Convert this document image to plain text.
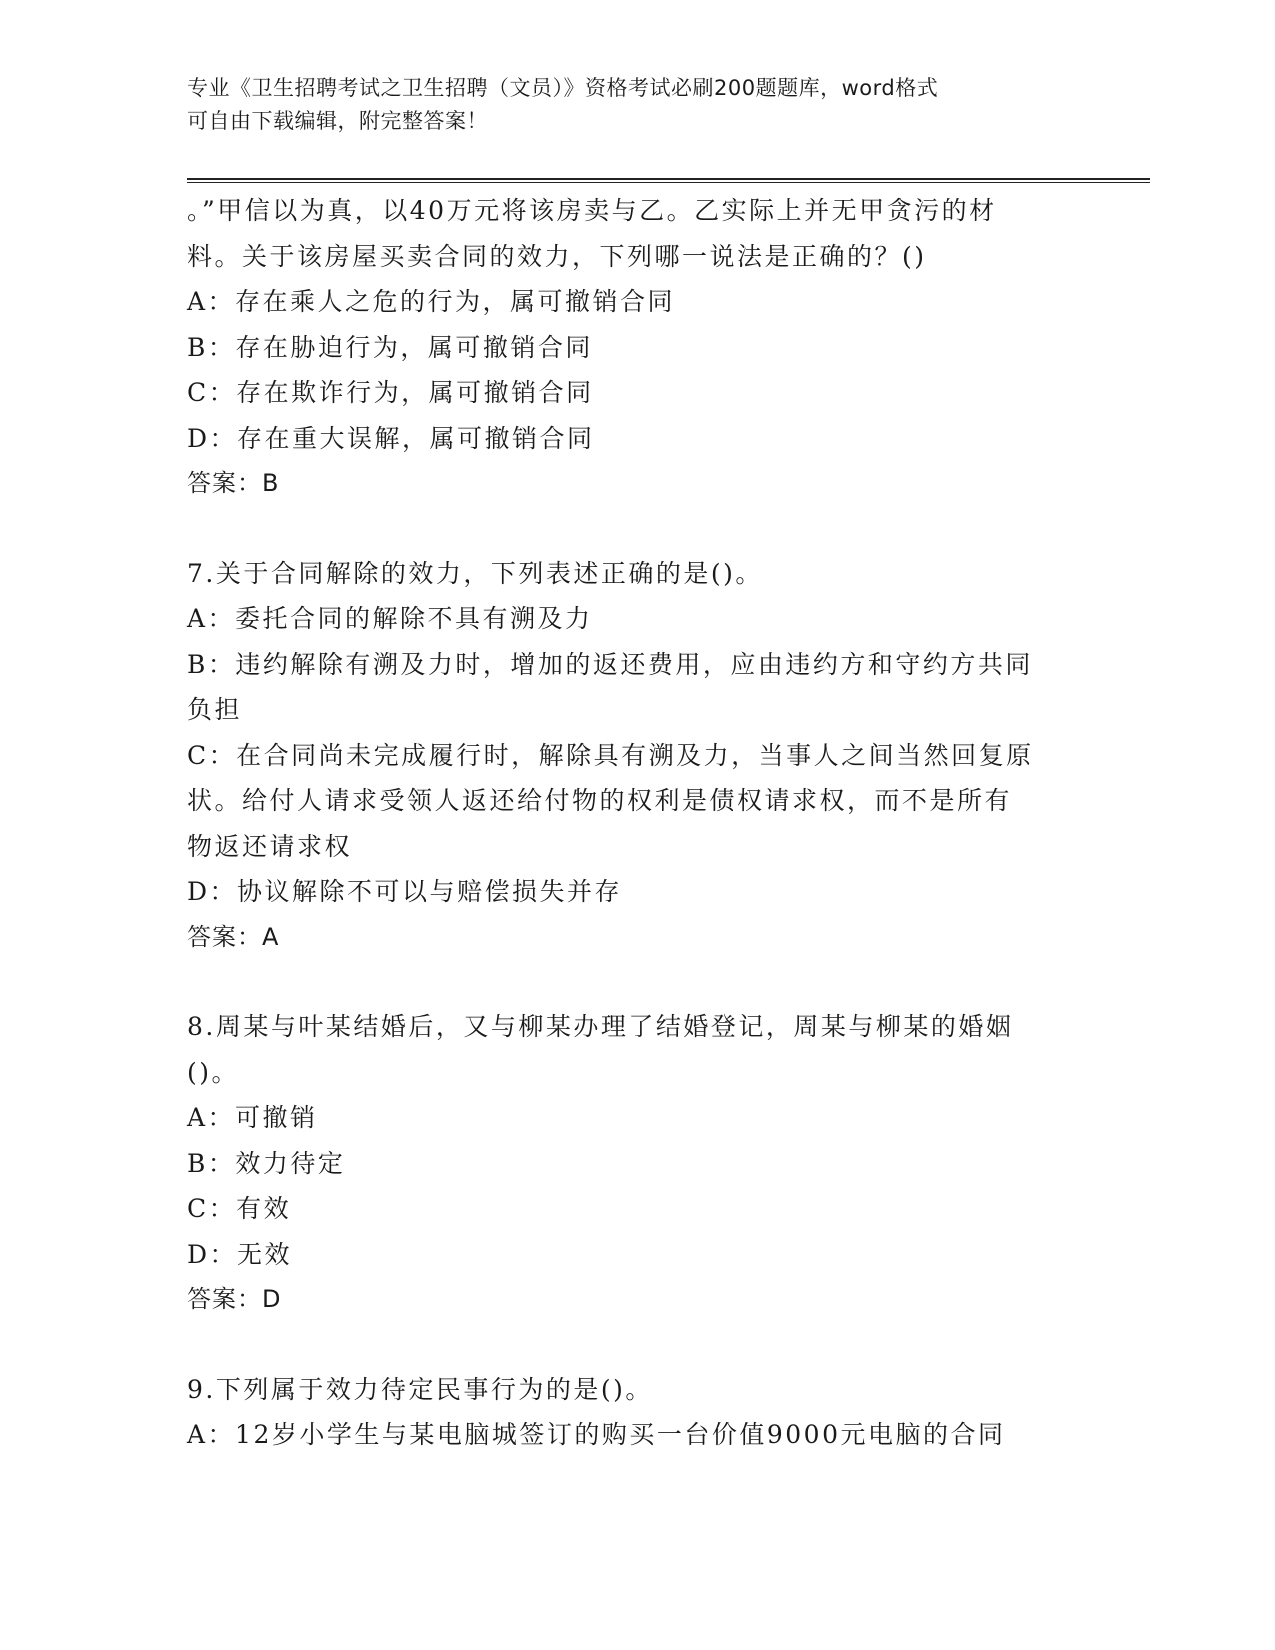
专业《卫生招聘考试之卫生招聘（文员）》资格考试必刷200题题库，word格式
可自由下载编辑，附完整答案！

。”甲信以为真，以40万元将该房卖与乙。乙实际上并无甲贪污的材

料。关于该房屋买卖合同的效力，下列哪一说法是正确的？()

A：存在乘人之危的行为，属可撤销合同

B：存在胁迫行为，属可撤销合同

C：存在欺诈行为，属可撤销合同

D：存在重大误解，属可撤销合同

答案：B

7.关于合同解除的效力，下列表述正确的是()。

A：委托合同的解除不具有溯及力

B：违约解除有溯及力时，增加的返还费用，应由违约方和守约方共同

负担

C：在合同尚未完成履行时，解除具有溯及力，当事人之间当然回复原

状。给付人请求受领人返还给付物的权利是债权请求权，而不是所有

物返还请求权

D：协议解除不可以与赔偿损失并存

答案：A

8.周某与叶某结婚后，又与柳某办理了结婚登记，周某与柳某的婚姻

()。

A：可撤销

B：效力待定

C：有效

D：无效

答案：D

9.下列属于效力待定民事行为的是()。

A：12岁小学生与某电脑城签订的购买一台价值9000元电脑的合同
